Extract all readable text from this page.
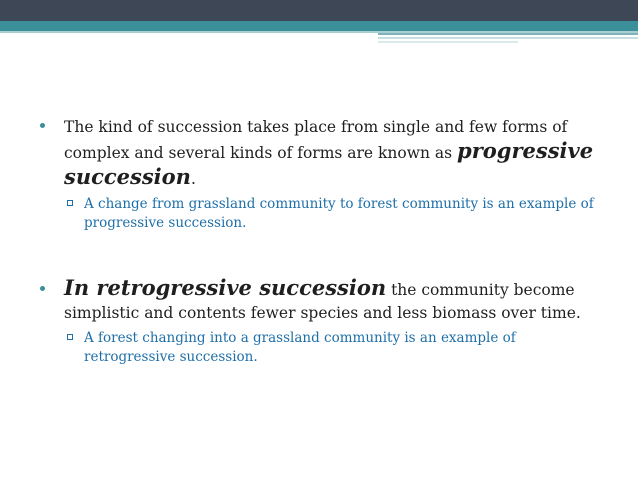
The kind of succession takes place from single and few forms of complex and several kinds of forms are known as progressive succession.
A change from grassland community to forest community is an example of progressive succession.
In retrogressive succession the community become simplistic and contents fewer species and less biomass over time.
A forest changing into a grassland community is an example of retrogressive succession.
